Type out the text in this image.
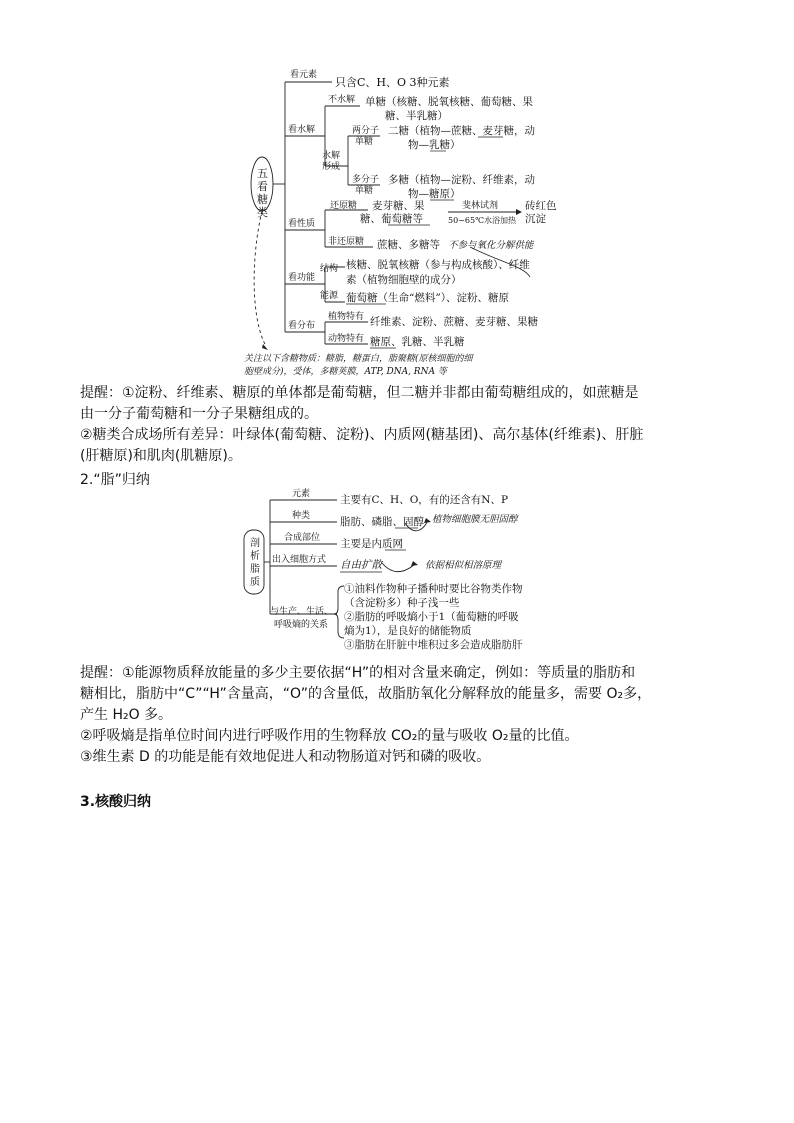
五
看
糖
类
看元素
只含C、H、O 3种元素
看水解
不水解 单糖（核糖、脱氧核糖、葡萄糖、果
糖、半乳糖）
水解
形成
两分子
单糖
二糖（植物—蔗糖、麦芽糖，动
物—乳糖）
多分子
单糖
多糖（植物—淀粉、纤维素，动
物—糖原）
看性质
还原糖 麦芽糖、果
糖、葡萄糖等
斐林试剂
50~65℃水浴加热
砖红色
沉淀
非还原糖 蔗糖、多糖等 不参与氧化分解供能
看功能
结构 核糖、脱氧核糖（参与构成核酸）、纤维
素（植物细胞壁的成分）
能源 葡萄糖（生命“燃料”）、淀粉、糖原
看分布
植物特有 纤维素、淀粉、蔗糖、麦芽糖、果糖
动物特有 糖原、乳糖、半乳糖
关注以下含糖物质：糖脂，糖蛋白，脂聚糖(原核细胞的细
胞壁成分)，受体，多糖荚膜，ATP, DNA, RNA 等

提醒：①淀粉、纤维素、糖原的单体都是葡萄糖，但二糖并非都由葡萄糖组成的，如蔗糖是

由一分子葡萄糖和一分子果糖组成的。

②糖类合成场所有差异：叶绿体(葡萄糖、淀粉)、内质网(糖基团)、高尔基体(纤维素)、肝脏

(肝糖原)和肌肉(肌糖原)。

2.“脂”归纳
剖
析
脂
质
元素	主要有C、H、O，有的还含有N、P
种类	脂肪、磷脂、固醇 植物细胞膜无胆固醇
合成部位 主要是内质网
出入细胞方式 自由扩散	依据相似相溶原理
与生产、生活、
呼吸熵的关系
①油料作物种子播种时要比谷物类作物
（含淀粉多）种子浅一些
②脂肪的呼吸熵小于1（葡萄糖的呼吸
熵为1），是良好的储能物质
③脂肪在肝脏中堆积过多会造成脂肪肝

提醒：①能源物质释放能量的多少主要依据“H”的相对含量来确定，例如：等质量的脂肪和

糖相比，脂肪中“C”“H”含量高，“O”的含量低，故脂肪氧化分解释放的能量多，需要 O₂多，

产生 H₂O 多。

②呼吸熵是指单位时间内进行呼吸作用的生物释放 CO₂的量与吸收 O₂量的比值。

③维生素 D 的功能是能有效地促进人和动物肠道对钙和磷的吸收。

3.核酸归纳
